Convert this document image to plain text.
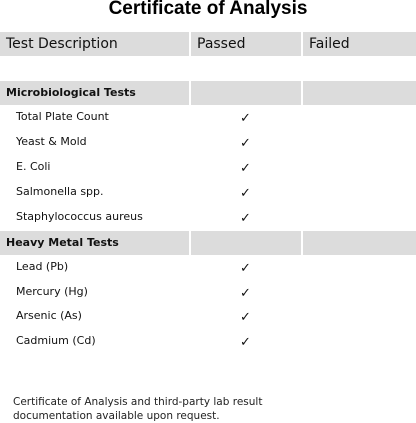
Certificate of Analysis
Test Description	Passed	Failed
Microbiological Tests
Total Plate Count	✓
Yeast & Mold	✓
E. Coli	✓
Salmonella spp.	✓
Staphylococcus aureus	✓
Heavy Metal Tests
Lead (Pb)	✓
Mercury (Hg)	✓
Arsenic (As)	✓
Cadmium (Cd)	✓
Certificate of Analysis and third-party lab result documentation available upon request.
